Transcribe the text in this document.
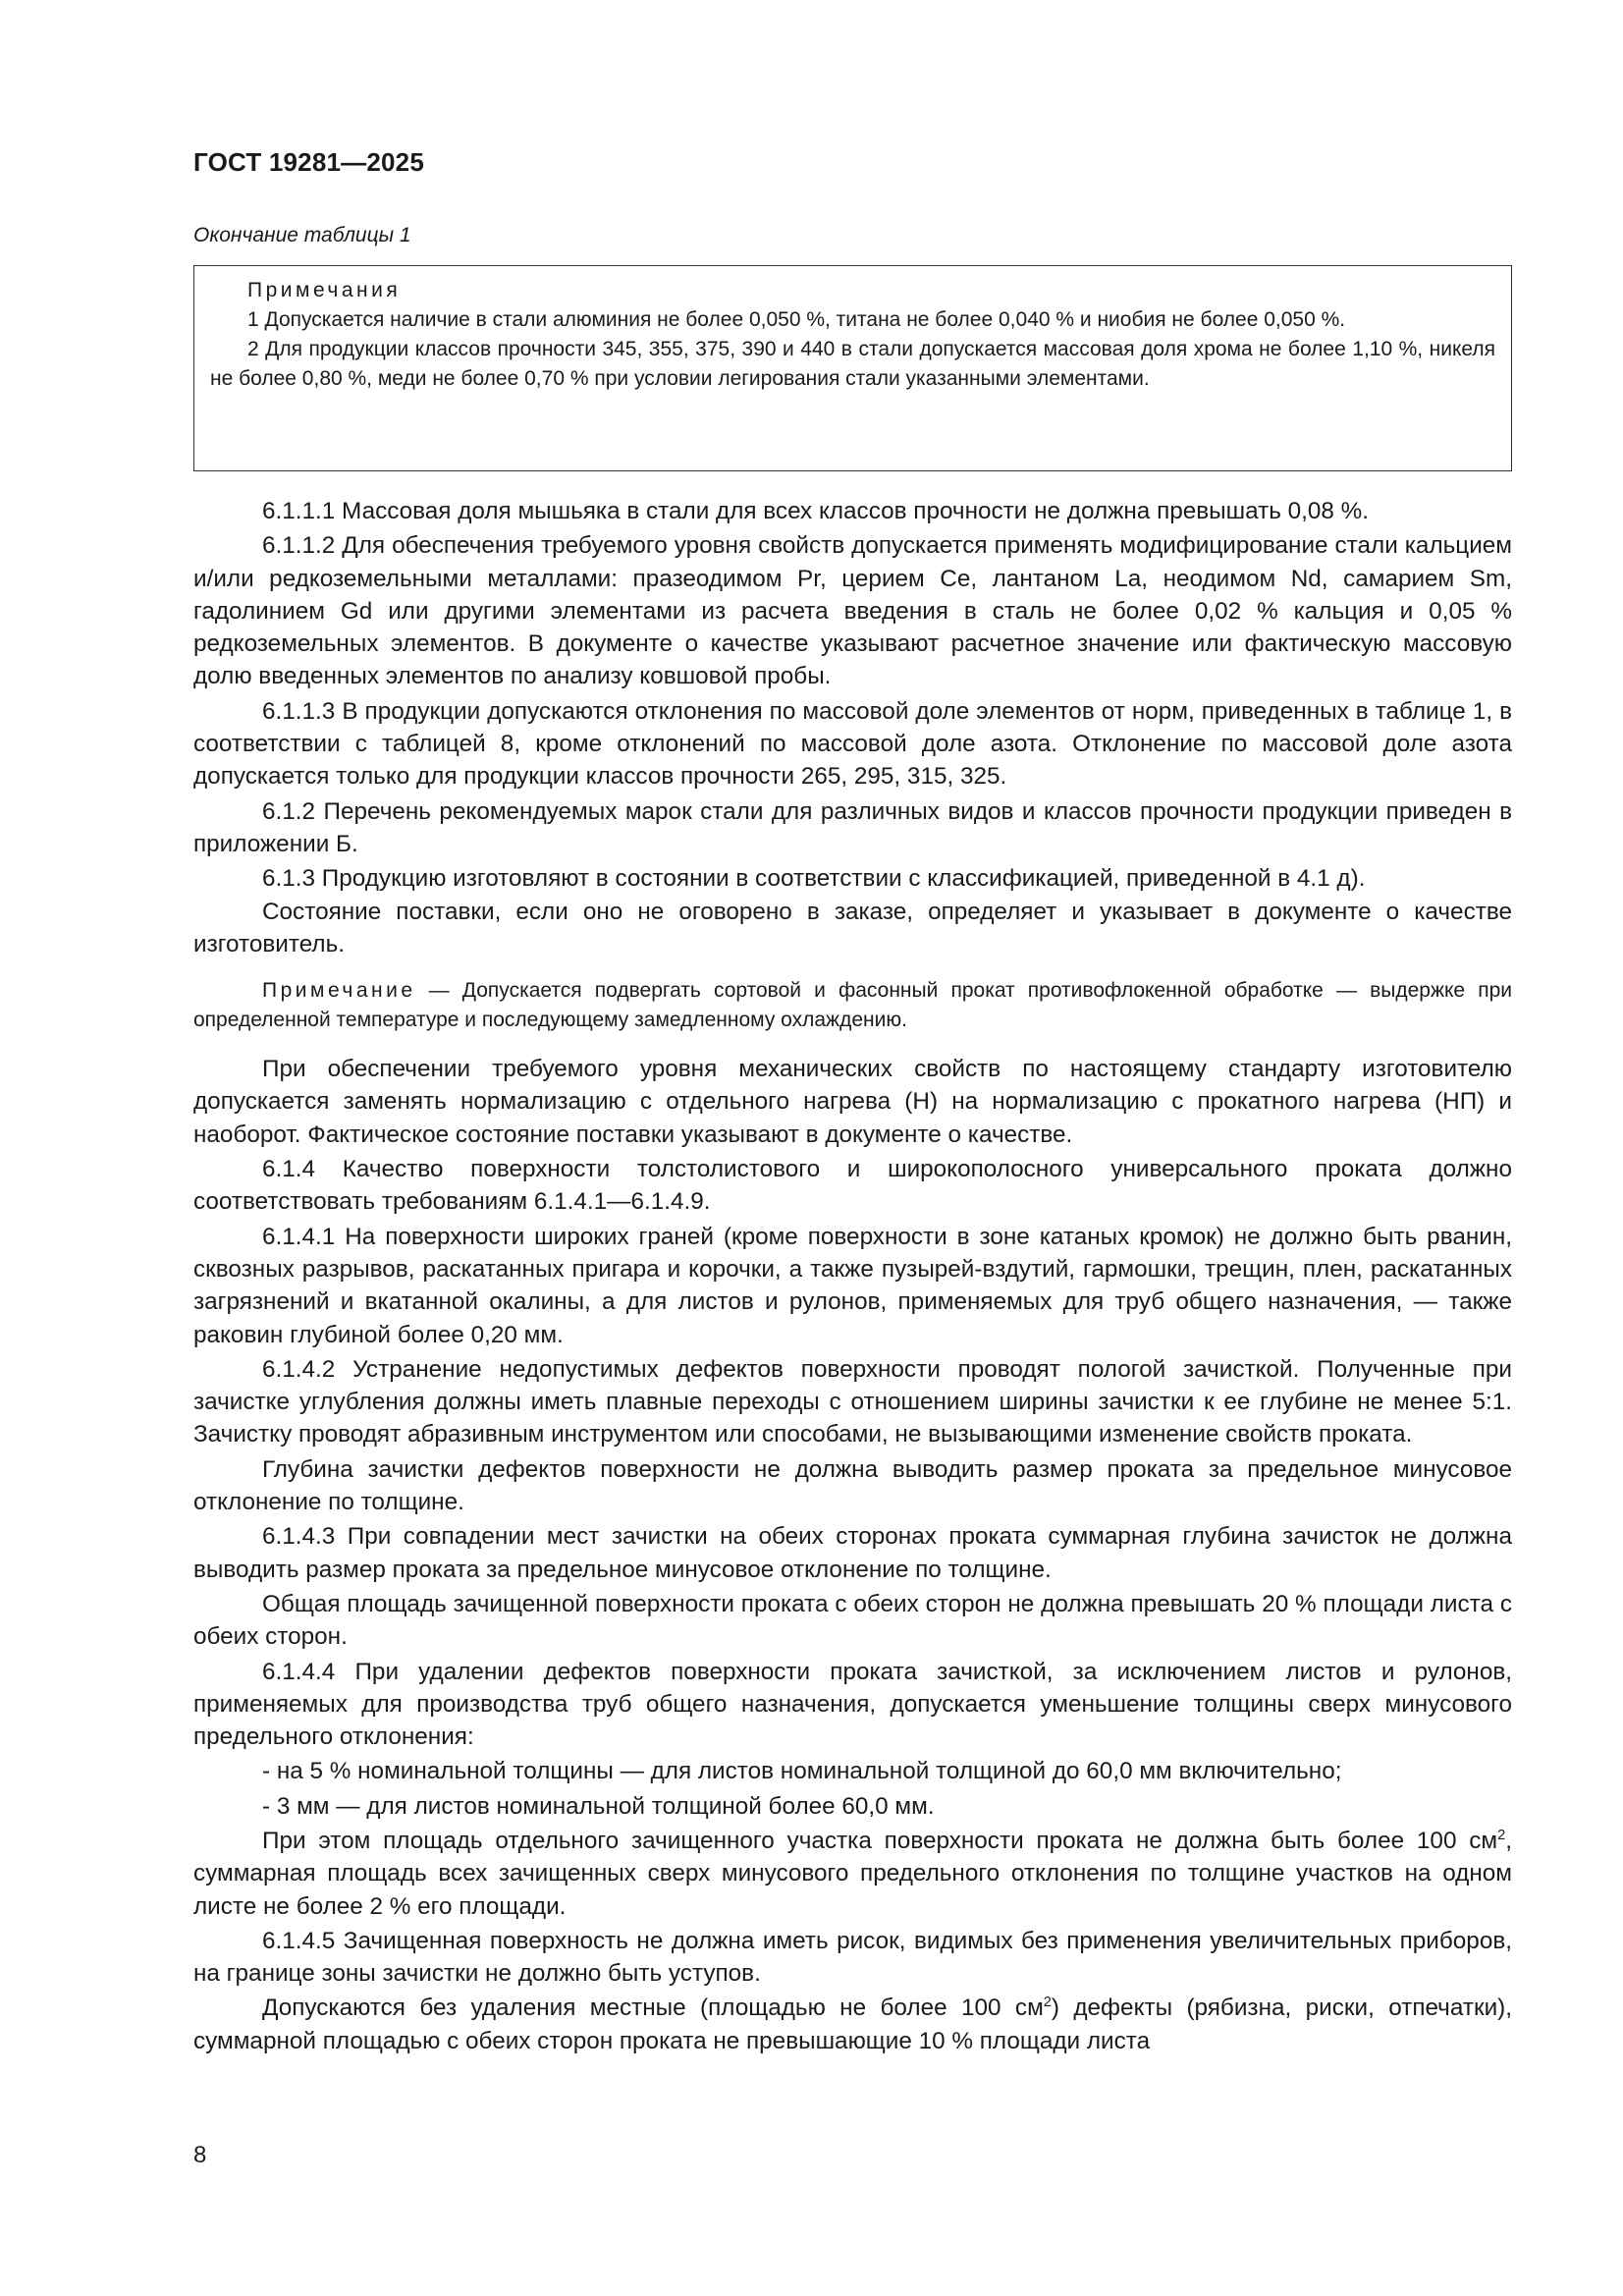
ГОСТ 19281—2025
Окончание таблицы 1
Примечания

1 Допускается наличие в стали алюминия не более 0,050 %, титана не более 0,040 % и ниобия не более 0,050 %.

2 Для продукции классов прочности 345, 355, 375, 390 и 440 в стали допускается массовая доля хрома не более 1,10 %, никеля не более 0,80 %, меди не более 0,70 % при условии легирования стали указанными элементами.

6.1.1.1 Массовая доля мышьяка в стали для всех классов прочности не должна превышать 0,08 %.

6.1.1.2 Для обеспечения требуемого уровня свойств допускается применять модифицирование стали кальцием и/или редкоземельными металлами: празеодимом Pr, церием Ce, лантаном La, неодимом Nd, самарием Sm, гадолинием Gd или другими элементами из расчета введения в сталь не более 0,02 % кальция и 0,05 % редкоземельных элементов. В документе о качестве указывают расчетное значение или фактическую массовую долю введенных элементов по анализу ковшовой пробы.

6.1.1.3 В продукции допускаются отклонения по массовой доле элементов от норм, приведенных в таблице 1, в соответствии с таблицей 8, кроме отклонений по массовой доле азота. Отклонение по массовой доле азота допускается только для продукции классов прочности 265, 295, 315, 325.

6.1.2 Перечень рекомендуемых марок стали для различных видов и классов прочности продукции приведен в приложении Б.

6.1.3 Продукцию изготовляют в состоянии в соответствии с классификацией, приведенной в 4.1 д).

Состояние поставки, если оно не оговорено в заказе, определяет и указывает в документе о качестве изготовитель.

Примечание — Допускается подвергать сортовой и фасонный прокат противофлокенной обработке — выдержке при определенной температуре и последующему замедленному охлаждению.

При обеспечении требуемого уровня механических свойств по настоящему стандарту изготовителю допускается заменять нормализацию с отдельного нагрева (Н) на нормализацию с прокатного нагрева (НП) и наоборот. Фактическое состояние поставки указывают в документе о качестве.

6.1.4 Качество поверхности толстолистового и широкополосного универсального проката должно соответствовать требованиям 6.1.4.1—6.1.4.9.

6.1.4.1 На поверхности широких граней (кроме поверхности в зоне катаных кромок) не должно быть рванин, сквозных разрывов, раскатанных пригара и корочки, а также пузырей-вздутий, гармошки, трещин, плен, раскатанных загрязнений и вкатанной окалины, а для листов и рулонов, применяемых для труб общего назначения, — также раковин глубиной более 0,20 мм.

6.1.4.2 Устранение недопустимых дефектов поверхности проводят пологой зачисткой. Полученные при зачистке углубления должны иметь плавные переходы с отношением ширины зачистки к ее глубине не менее 5:1. Зачистку проводят абразивным инструментом или способами, не вызывающими изменение свойств проката.

Глубина зачистки дефектов поверхности не должна выводить размер проката за предельное минусовое отклонение по толщине.

6.1.4.3 При совпадении мест зачистки на обеих сторонах проката суммарная глубина зачисток не должна выводить размер проката за предельное минусовое отклонение по толщине.

Общая площадь зачищенной поверхности проката с обеих сторон не должна превышать 20 % площади листа с обеих сторон.

6.1.4.4 При удалении дефектов поверхности проката зачисткой, за исключением листов и рулонов, применяемых для производства труб общего назначения, допускается уменьшение толщины сверх минусового предельного отклонения:

- на 5 % номинальной толщины — для листов номинальной толщиной до 60,0 мм включительно;

- 3 мм — для листов номинальной толщиной более 60,0 мм.

При этом площадь отдельного зачищенного участка поверхности проката не должна быть более 100 $см^2$, суммарная площадь всех зачищенных сверх минусового предельного отклонения по толщине участков на одном листе не более 2 % его площади.

6.1.4.5 Зачищенная поверхность не должна иметь рисок, видимых без применения увеличительных приборов, на границе зоны зачистки не должно быть уступов.

Допускаются без удаления местные (площадью не более 100 $см^2$) дефекты (рябизна, риски, отпечатки), суммарной площадью с обеих сторон проката не превышающие 10 % площади листа

8
